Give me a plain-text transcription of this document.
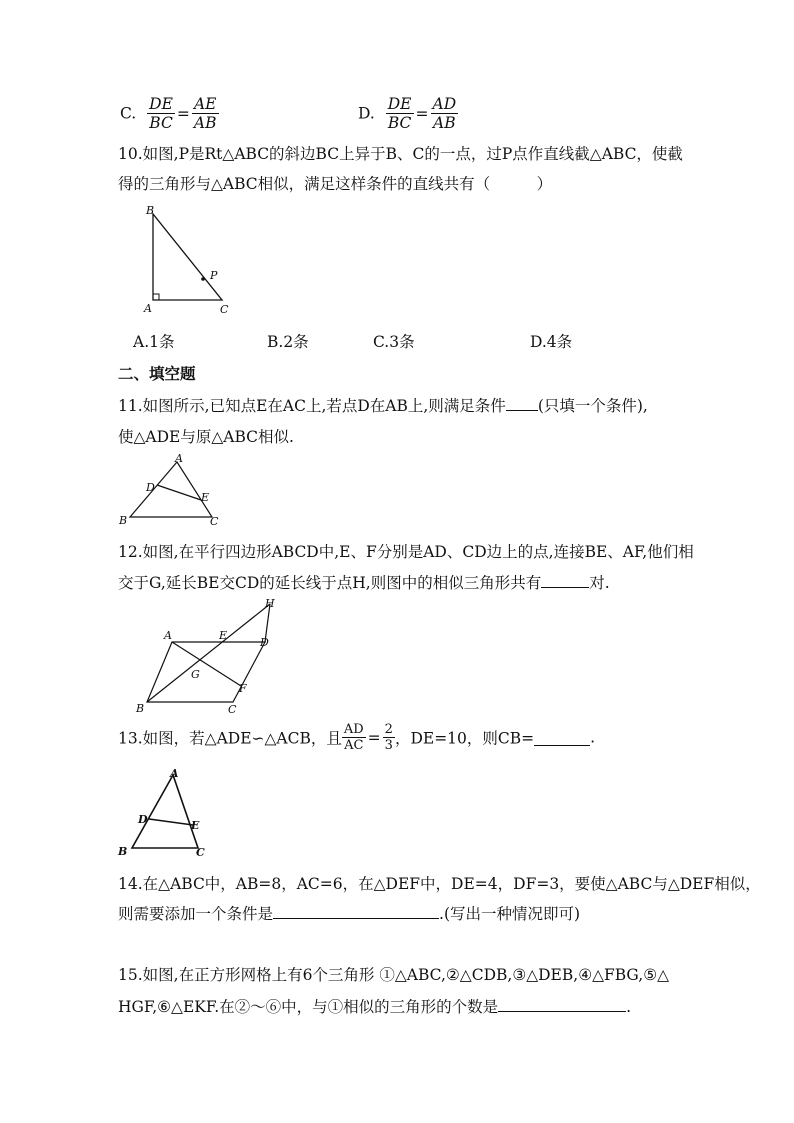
C. $\frac{DE}{BC} = \frac{AE}{AB}$	D. $\frac{DE}{BC} = \frac{AD}{AB}$
10.如图,P是Rt△ABC的斜边BC上异于B、C的一点，过P点作直线截△ABC，使截
得的三角形与△ABC相似，满足这样条件的直线共有（　　　）
B
A	C
P
A.1条	B.2条	C.3条	D.4条
二、填空题
11.如图所示,已知点E在AC上,若点D在AB上,则满足条件 (只填一个条件),
使△ADE与原△ABC相似.
A
D
E
B	C
12.如图,在平行四边形ABCD中,E、F分别是AD、CD边上的点,连接BE、AF,他们相
交于G,延长BE交CD的延长线于点H,则图中的相似三角形共有	对.
H
A	E
D
G
F
B	C
13.如图，若△ADE∽△ACB，且 $\frac{AD}{AC} = \frac{2}{3}$ ，DE=10，则CB=	.
A
D	E
B	C
14.在△ABC中，AB=8，AC=6，在△DEF中，DE=4，DF=3，要使△ABC与△DEF相似，
则需要添加一个条件是	.(写出一种情况即可)
15.如图,在正方形网格上有6个三角形 ①△ABC,②△CDB,③△DEB,④△FBG,⑤△
HGF,⑥△EKF.在②～⑥中，与①相似的三角形的个数是	.
